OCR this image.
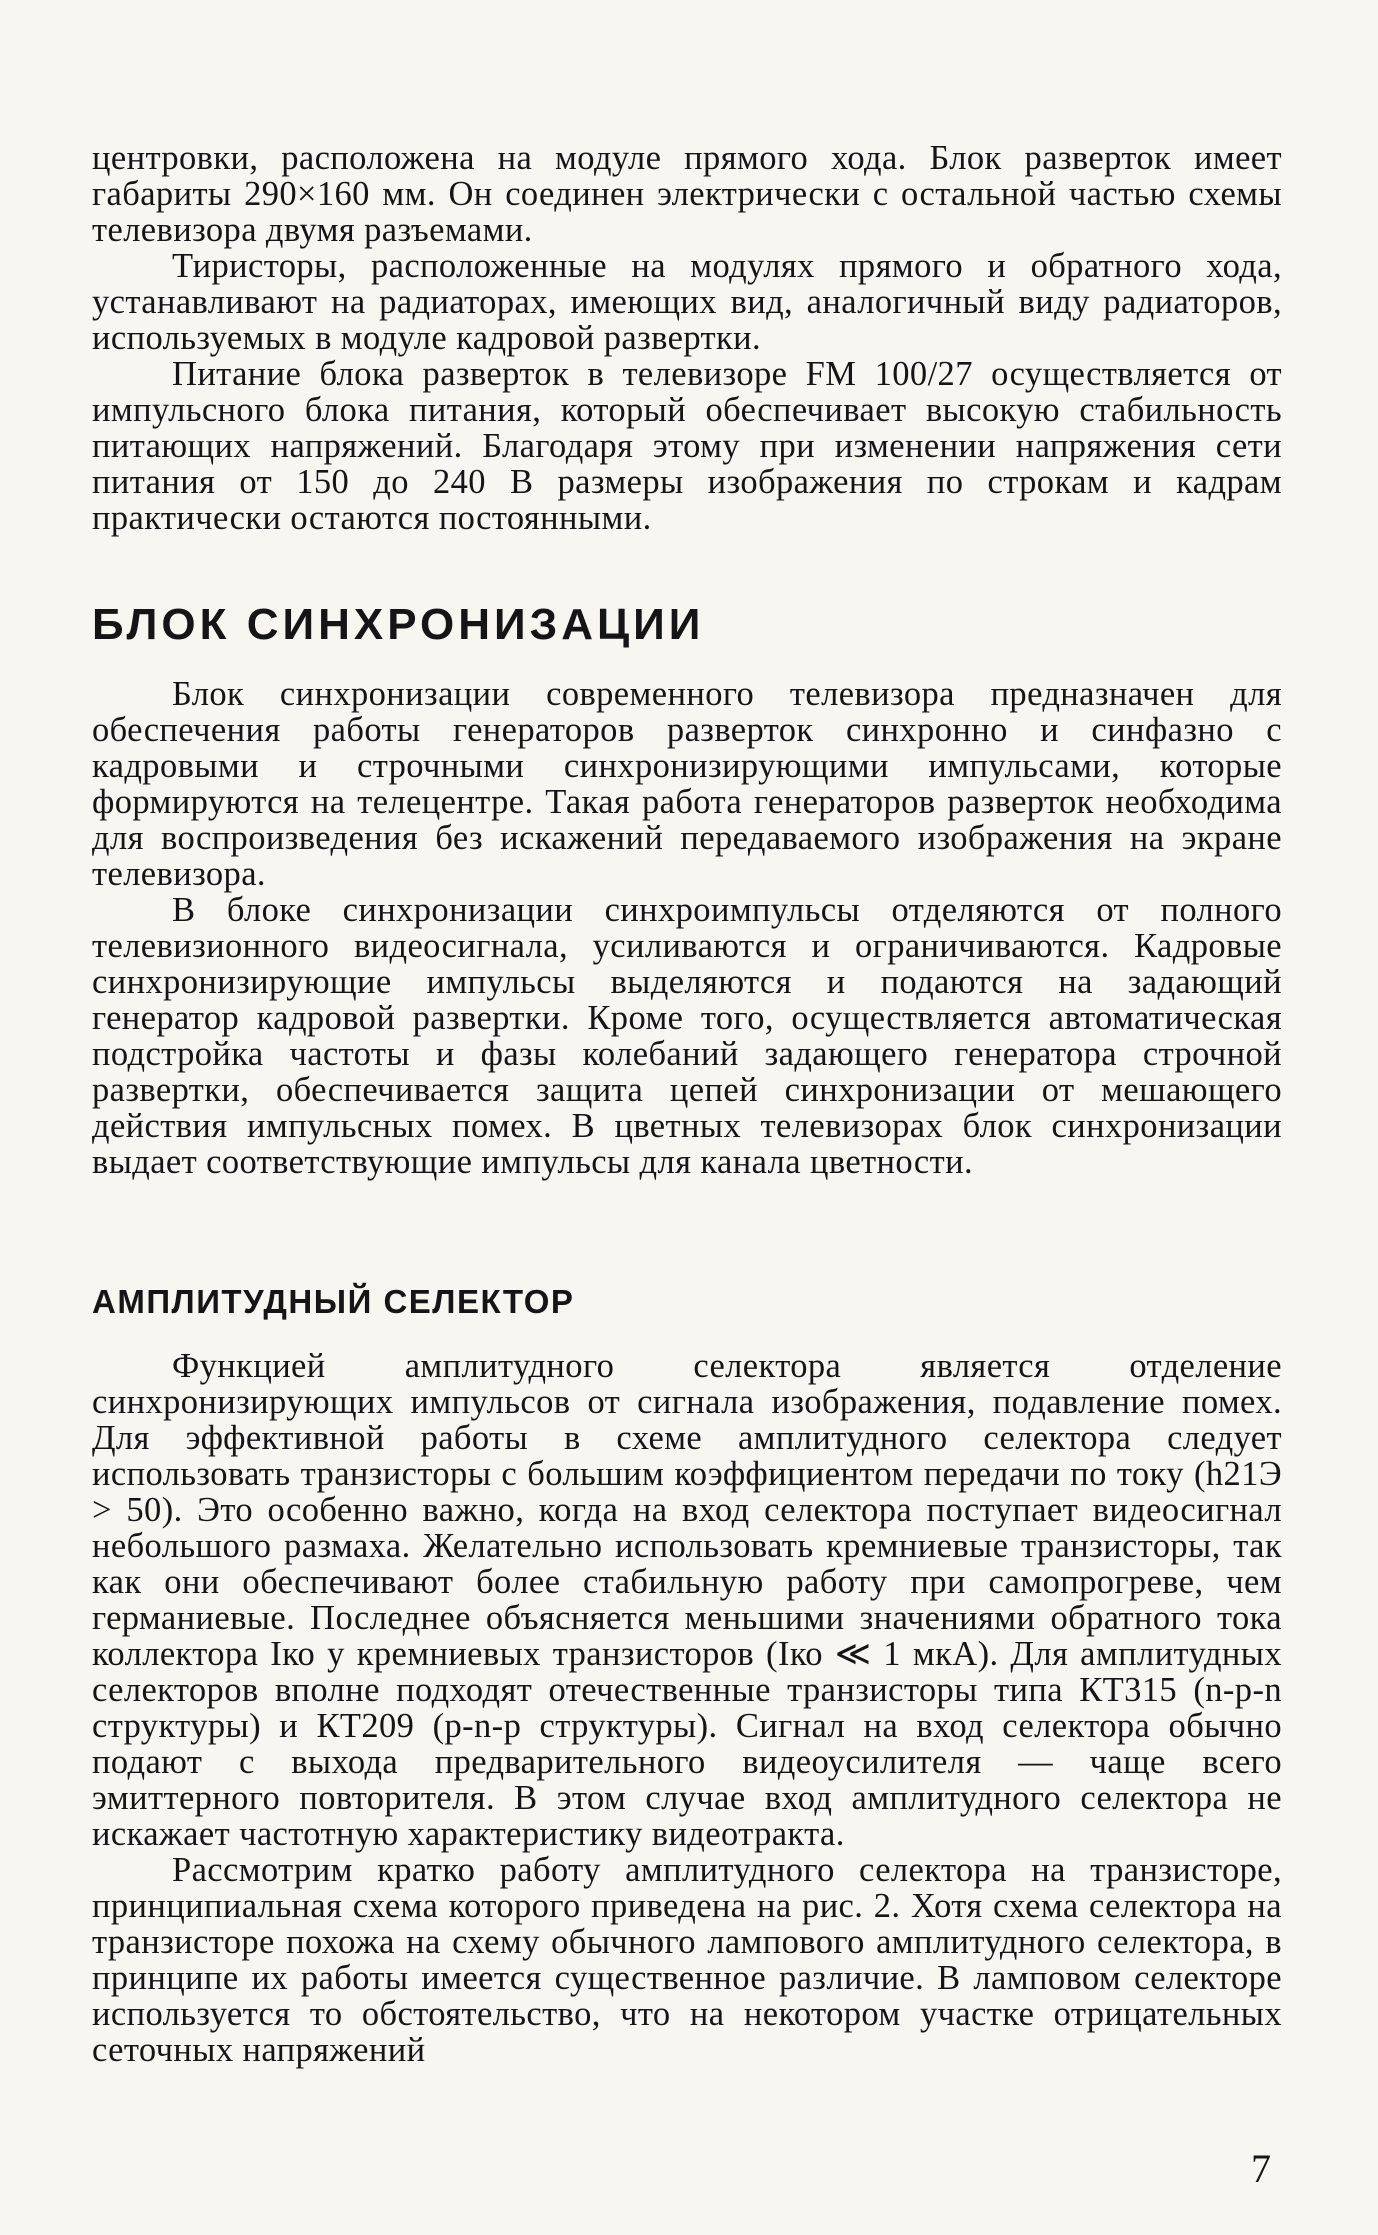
центровки, расположена на модуле прямого хода. Блок разверток имеет габариты 290×160 мм. Он соединен электрически с остальной частью схемы телевизора двумя разъемами.

Тиристоры, расположенные на модулях прямого и обратного хода, устанавливают на радиаторах, имеющих вид, аналогичный виду радиаторов, используемых в модуле кадровой развертки.

Питание блока разверток в телевизоре FM 100/27 осуществляется от импульсного блока питания, который обеспечивает высокую стабильность питающих напряжений. Благодаря этому при изменении напряжения сети питания от 150 до 240 В размеры изображения по строкам и кадрам практически остаются постоянными.

БЛОК СИНХРОНИЗАЦИИ

Блок синхронизации современного телевизора предназначен для обеспечения работы генераторов разверток синхронно и синфазно с кадровыми и строчными синхронизирующими импульсами, которые формируются на телецентре. Такая работа генераторов разверток необходима для воспроизведения без искажений передаваемого изображения на экране телевизора.

В блоке синхронизации синхроимпульсы отделяются от полного телевизионного видеосигнала, усиливаются и ограничиваются. Кадровые синхронизирующие импульсы выделяются и подаются на задающий генератор кадровой развертки. Кроме того, осуществляется автоматическая подстройка частоты и фазы колебаний задающего генератора строчной развертки, обеспечивается защита цепей синхронизации от мешающего действия импульсных помех. В цветных телевизорах блок синхронизации выдает соответствующие импульсы для канала цветности.

АМПЛИТУДНЫЙ СЕЛЕКТОР

Функцией амплитудного селектора является отделение синхронизирующих импульсов от сигнала изображения, подавление помех. Для эффективной работы в схеме амплитудного селектора следует использовать транзисторы с большим коэффициентом передачи по току (h21Э > 50). Это особенно важно, когда на вход селектора поступает видеосигнал небольшого размаха. Желательно использовать кремниевые транзисторы, так как они обеспечивают более стабильную работу при самопрогреве, чем германиевые. Последнее объясняется меньшими значениями обратного тока коллектора Iко у кремниевых транзисторов (Iко ≪ 1 мкА). Для амплитудных селекторов вполне подходят отечественные транзисторы типа КТ315 (n-p-n структуры) и КТ209 (p-n-p структуры). Сигнал на вход селектора обычно подают с выхода предварительного видеоусилителя — чаще всего эмиттерного повторителя. В этом случае вход амплитудного селектора не искажает частотную характеристику видеотракта.

Рассмотрим кратко работу амплитудного селектора на транзисторе, принципиальная схема которого приведена на рис. 2. Хотя схема селектора на транзисторе похожа на схему обычного лампового амплитудного селектора, в принципе их работы имеется существенное различие. В ламповом селекторе используется то обстоятельство, что на некотором участке отрицательных сеточных напряжений

7
